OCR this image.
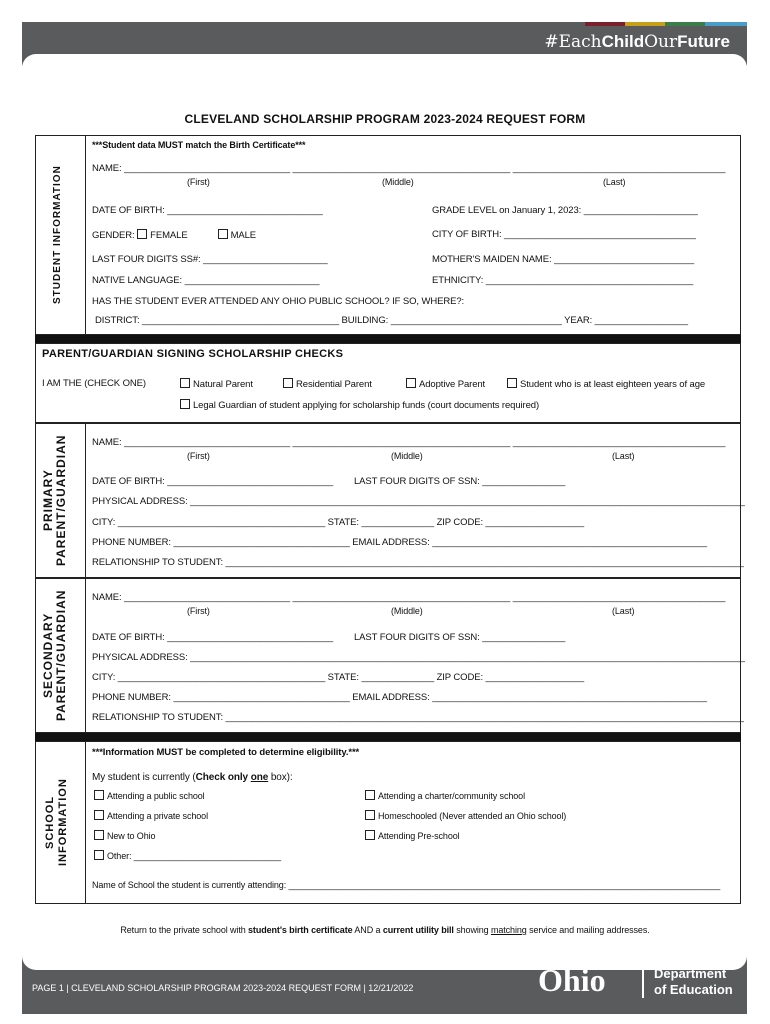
#EachChildOurFuture
CLEVELAND SCHOLARSHIP PROGRAM 2023-2024 REQUEST FORM
STUDENT INFORMATION
***Student data MUST match the Birth Certificate***
NAME: ________________________________ __________________________________________ _________________________________________
(First)	(Middle)	(Last)
DATE OF BIRTH: ______________________________	GRADE LEVEL on January 1, 2023: ______________________
GENDER: FEMALE	MALE	CITY OF BIRTH: _____________________________________
LAST FOUR DIGITS SS#: ________________________	MOTHER'S MAIDEN NAME: ___________________________
NATIVE LANGUAGE: __________________________	ETHNICITY: ________________________________________
HAS THE STUDENT EVER ATTENDED ANY OHIO PUBLIC SCHOOL? IF SO, WHERE?:
DISTRICT: ______________________________________ BUILDING: _________________________________ YEAR: __________________
PARENT/GUARDIAN SIGNING SCHOLARSHIP CHECKS
I AM THE (CHECK ONE)	Natural Parent	Residential Parent	Adoptive Parent	Student who is at least eighteen years of age
Legal Guardian of student applying for scholarship funds (court documents required)
PRIMARY
PARENT/GUARDIAN	NAME: ________________________________ __________________________________________ _________________________________________
(First)	(Middle)	(Last)
DATE OF BIRTH: ________________________________ LAST FOUR DIGITS OF SSN: ________________
PHYSICAL ADDRESS: ___________________________________________________________________________________________________________
CITY: ________________________________________ STATE: ______________ ZIP CODE: ___________________
PHONE NUMBER: __________________________________ EMAIL ADDRESS: _____________________________________________________
RELATIONSHIP TO STUDENT: ____________________________________________________________________________________________________
SECONDARY
PARENT/GUARDIAN	NAME: ________________________________ __________________________________________ _________________________________________
(First)	(Middle)	(Last)
DATE OF BIRTH: ________________________________ LAST FOUR DIGITS OF SSN: ________________
PHYSICAL ADDRESS: ___________________________________________________________________________________________________________
CITY: ________________________________________ STATE: ______________ ZIP CODE: ___________________
PHONE NUMBER: __________________________________ EMAIL ADDRESS: _____________________________________________________
RELATIONSHIP TO STUDENT: ____________________________________________________________________________________________________
SCHOOL
INFORMATION
***Information MUST be completed to determine eligibility.***
My student is currently (Check only one box):
Attending a public school
Attending a private school
New to Ohio
Other: ______________________________
Attending a charter/community school
Homeschooled (Never attended an Ohio school)
Attending Pre-school
Name of School the student is currently attending: ________________________________________________________________________________________
Return to the private school with student's birth certificate AND a current utility bill showing matching service and mailing addresses.
PAGE 1 | CLEVELAND SCHOLARSHIP PROGRAM 2023-2024 REQUEST FORM | 12/21/2022	Ohio	Department
of Education
